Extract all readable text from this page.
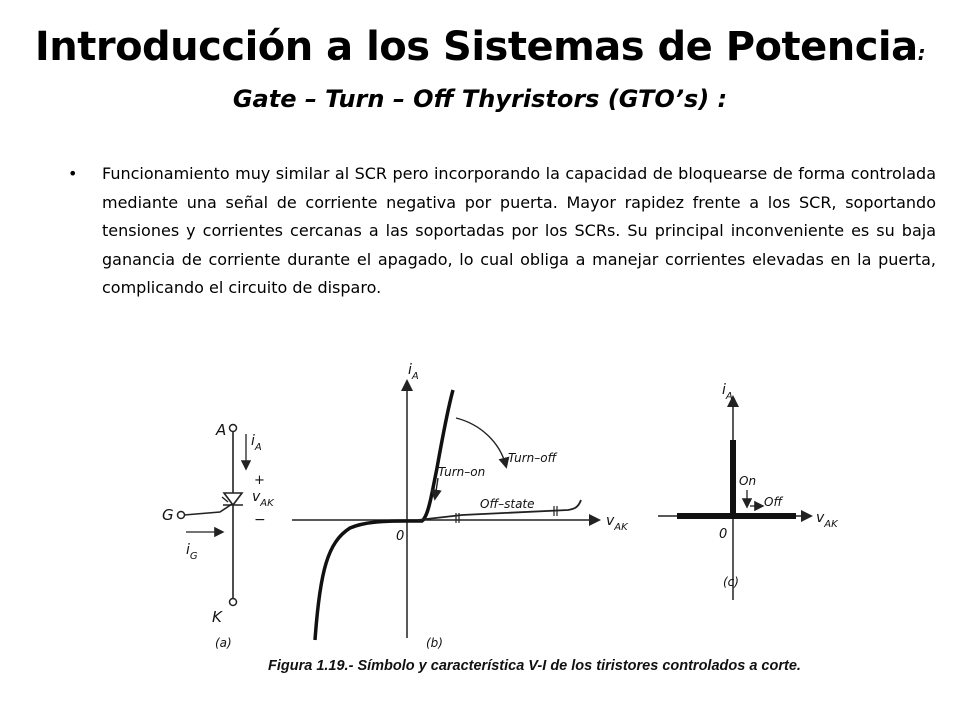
Introducción a los Sistemas de Potencia:
Gate – Turn – Off Thyristors (GTO’s) :
• Funcionamiento muy similar al SCR pero incorporando la capacidad de bloquearse de forma controlada mediante una señal de corriente negativa por puerta. Mayor rapidez frente a los SCR, soportando tensiones y corrientes cercanas a las soportadas por los SCRs. Su principal inconveniente es su baja ganancia de corriente durante el apagado, lo cual obliga a manejar corrientes elevadas en la puerta, complicando el circuito de disparo.
A
K
G
$i_A$
$i_G$
+
$v_{AK}$
−
(a)
$i_A$
$v_{AK}$
0
Turn–on
Turn–off
Off–state
(b)
$i_A$
$v_{AK}$
0
On
Off
(c)
Figura 1.19.- Símbolo y característica V-I de los tiristores controlados a corte.
